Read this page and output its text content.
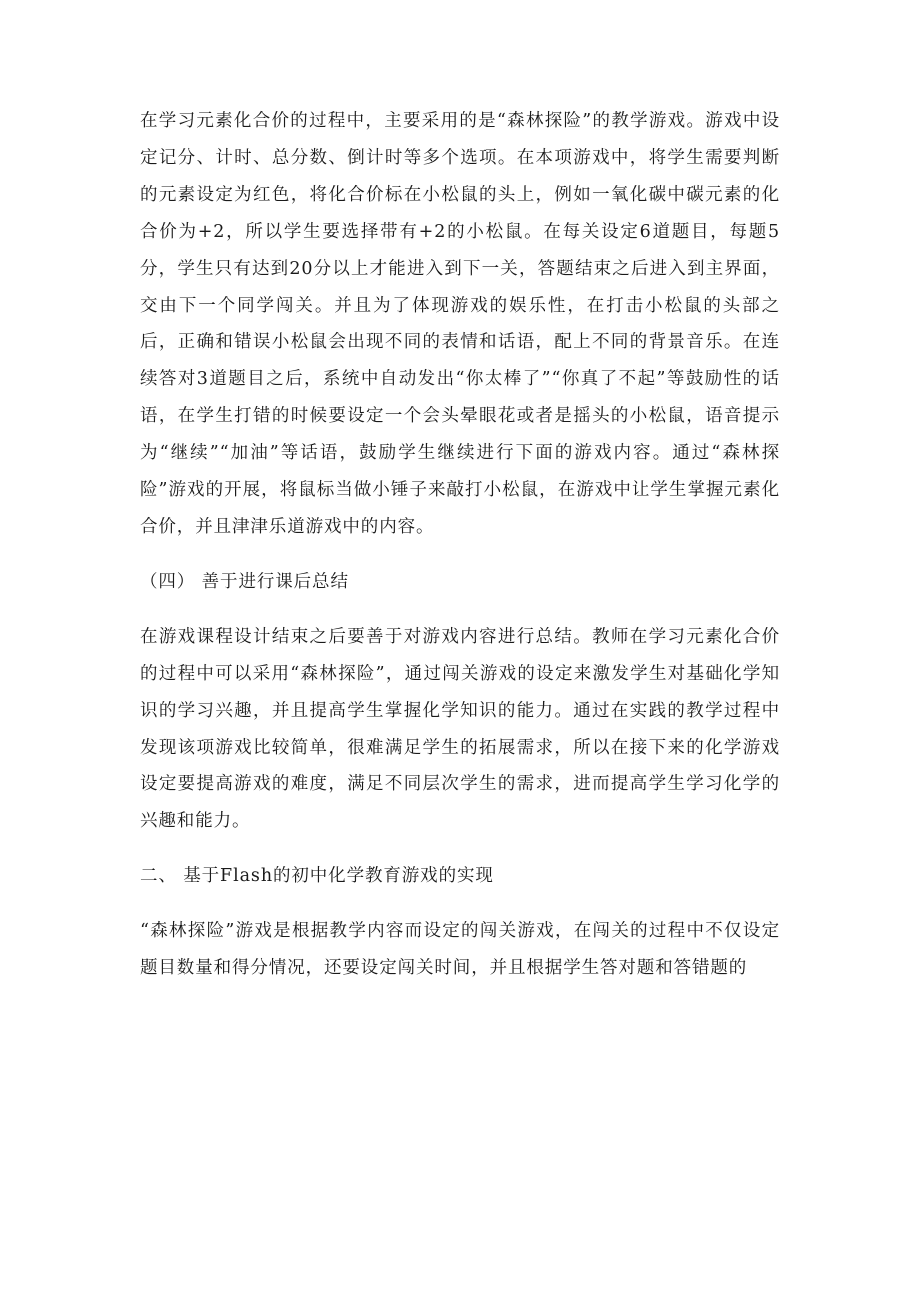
在学习元素化合价的过程中，主要采用的是“森林探险”的教学游戏。游戏中设定记分、计时、总分数、倒计时等多个选项。在本项游戏中，将学生需要判断的元素设定为红色，将化合价标在小松鼠的头上，例如一氧化碳中碳元素的化合价为+2，所以学生要选择带有+2的小松鼠。在每关设定6道题目，每题5分，学生只有达到20分以上才能进入到下一关，答题结束之后进入到主界面，交由下一个同学闯关。并且为了体现游戏的娱乐性，在打击小松鼠的头部之后，正确和错误小松鼠会出现不同的表情和话语，配上不同的背景音乐。在连续答对3道题目之后，系统中自动发出“你太棒了”“你真了不起”等鼓励性的话语，在学生打错的时候要设定一个会头晕眼花或者是摇头的小松鼠，语音提示为“继续”“加油”等话语，鼓励学生继续进行下面的游戏内容。通过“森林探险”游戏的开展，将鼠标当做小锤子来敲打小松鼠，在游戏中让学生掌握元素化合价，并且津津乐道游戏中的内容。

（四） 善于进行课后总结

在游戏课程设计结束之后要善于对游戏内容进行总结。教师在学习元素化合价的过程中可以采用“森林探险”，通过闯关游戏的设定来激发学生对基础化学知识的学习兴趣，并且提高学生掌握化学知识的能力。通过在实践的教学过程中发现该项游戏比较简单，很难满足学生的拓展需求，所以在接下来的化学游戏设定要提高游戏的难度，满足不同层次学生的需求，进而提高学生学习化学的兴趣和能力。

二、 基于Flash的初中化学教育游戏的实现

“森林探险”游戏是根据教学内容而设定的闯关游戏，在闯关的过程中不仅设定题目数量和得分情况，还要设定闯关时间，并且根据学生答对题和答错题的
